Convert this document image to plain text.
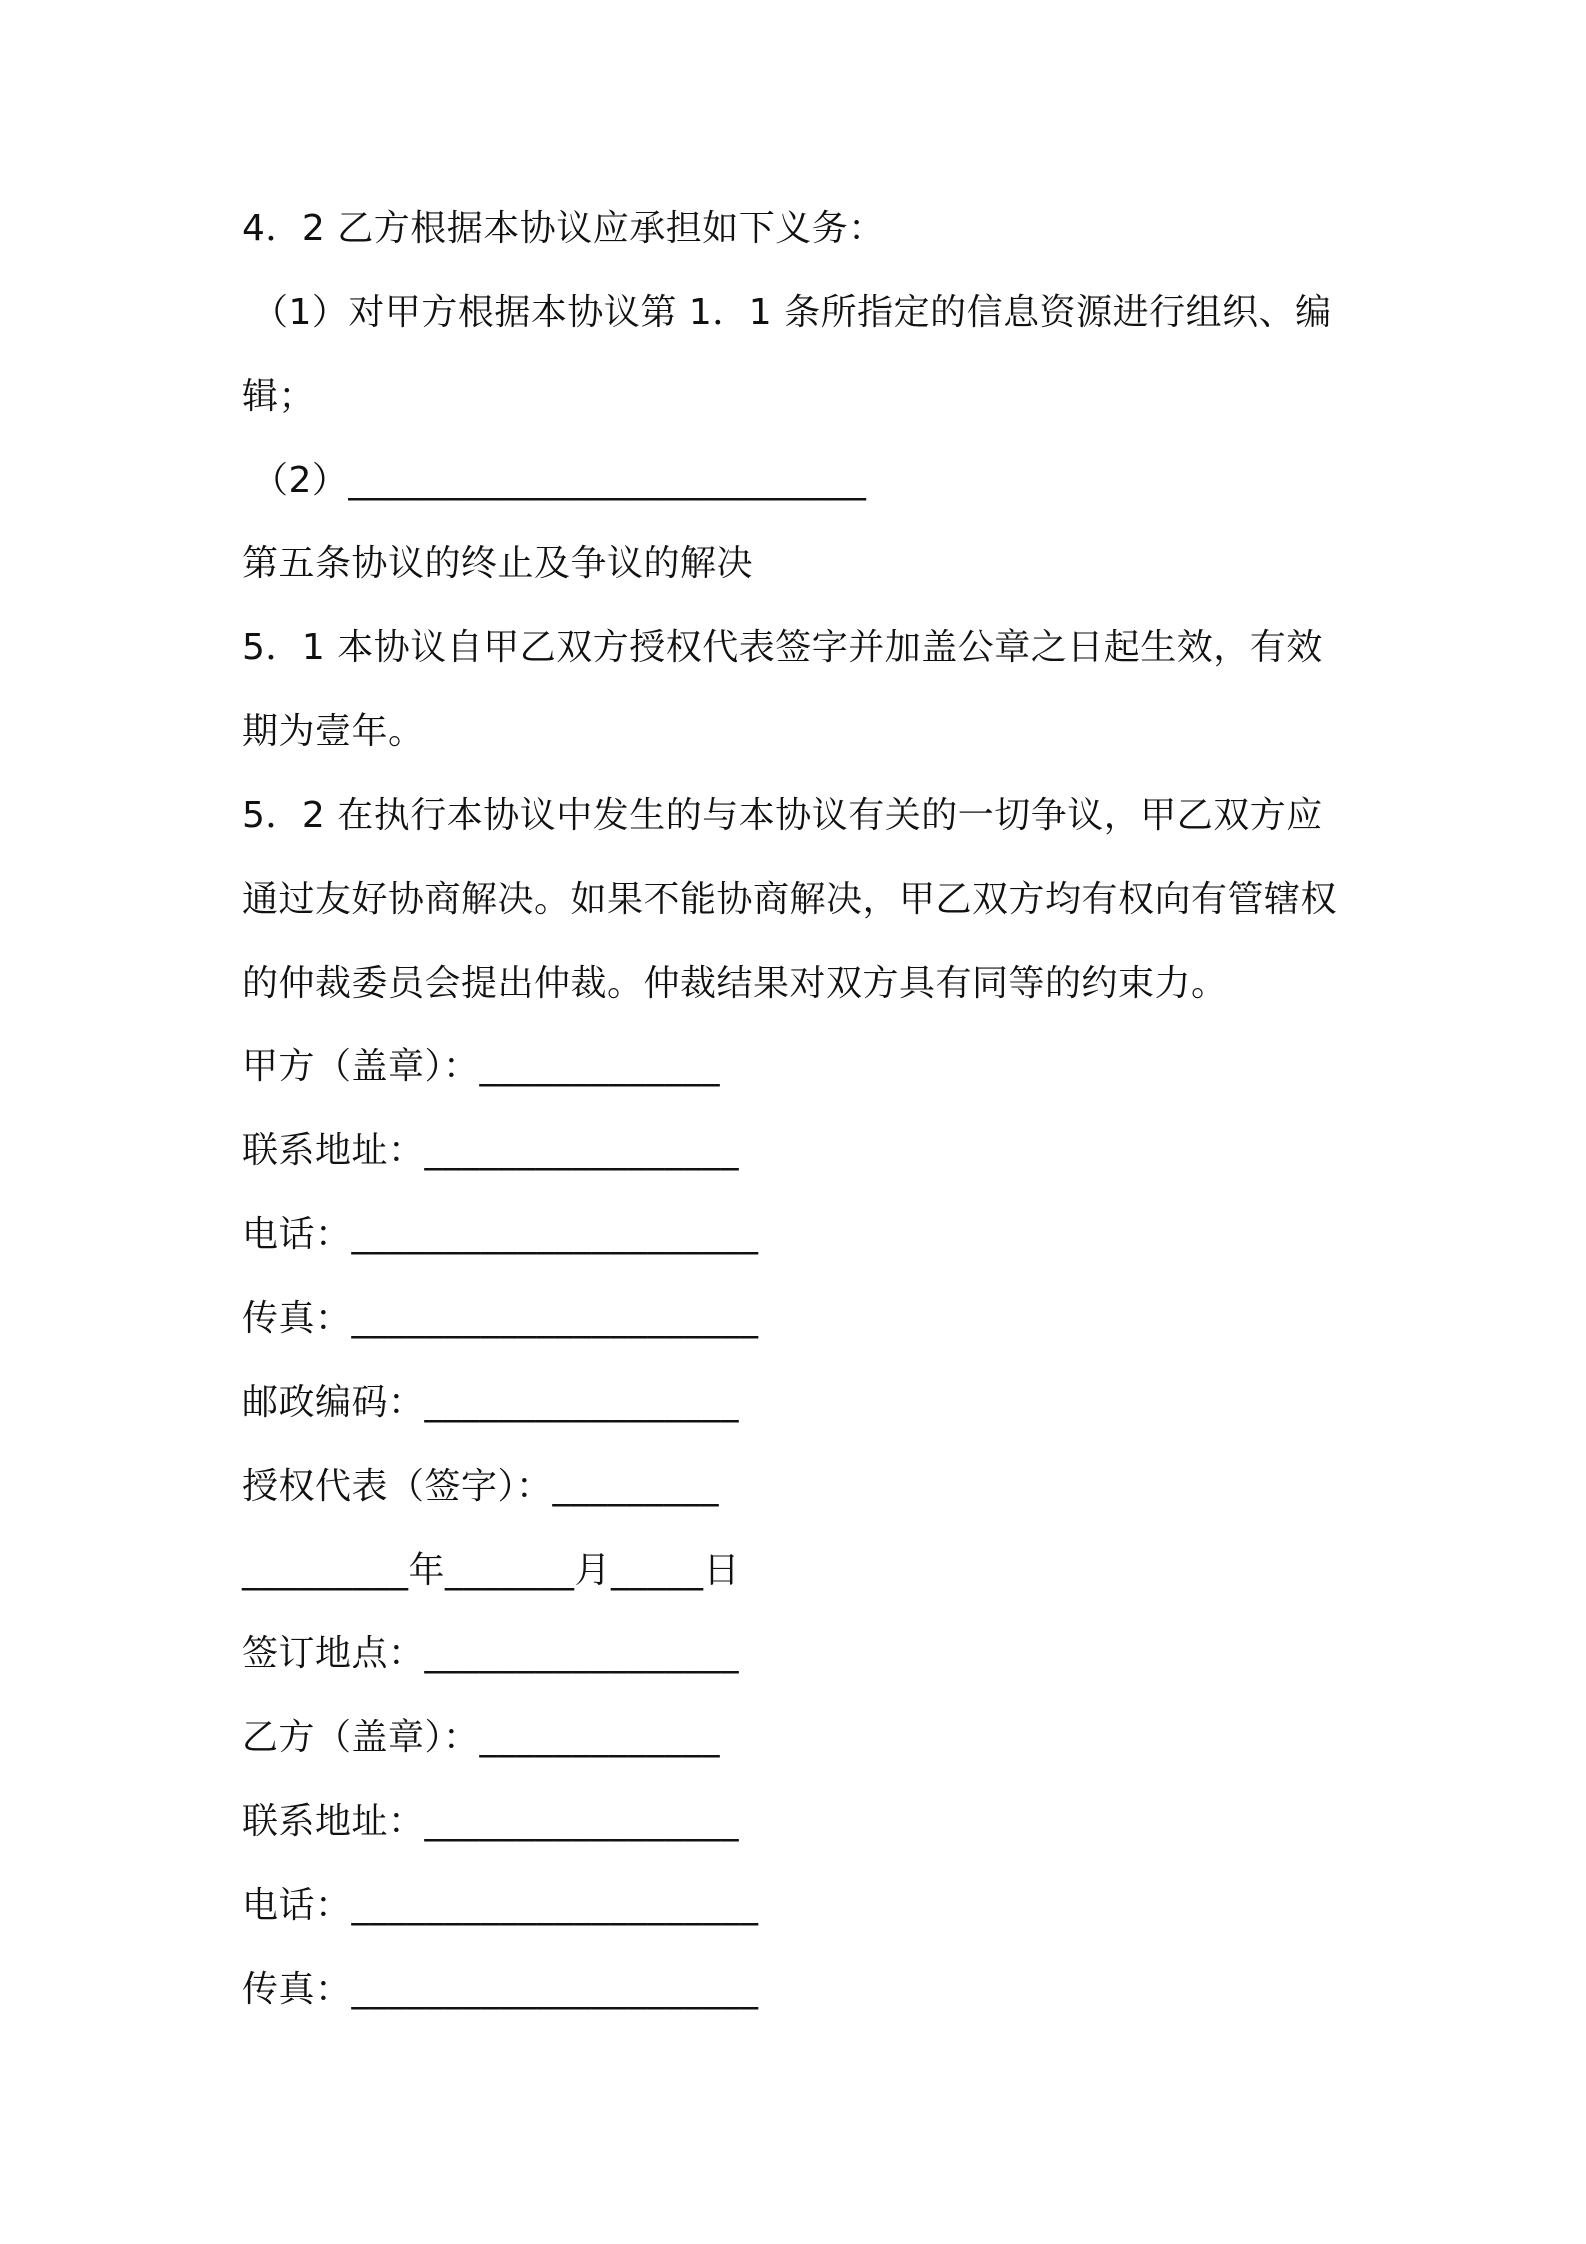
4．2 乙方根据本协议应承担如下义务：
（1）对甲方根据本协议第 1．1 条所指定的信息资源进行组织、编
辑；
（2）____________________________
第五条协议的终止及争议的解决
5．1 本协议自甲乙双方授权代表签字并加盖公章之日起生效，有效
期为壹年。
5．2 在执行本协议中发生的与本协议有关的一切争议，甲乙双方应
通过友好协商解决。如果不能协商解决，甲乙双方均有权向有管辖权
的仲裁委员会提出仲裁。仲裁结果对双方具有同等的约束力。
甲方（盖章）：_____________
联系地址：_________________
电话：______________________
传真：______________________
邮政编码：_________________
授权代表（签字）：_________
_________年_______月_____日
签订地点：_________________
乙方（盖章）：_____________
联系地址：_________________
电话：______________________
传真：______________________
